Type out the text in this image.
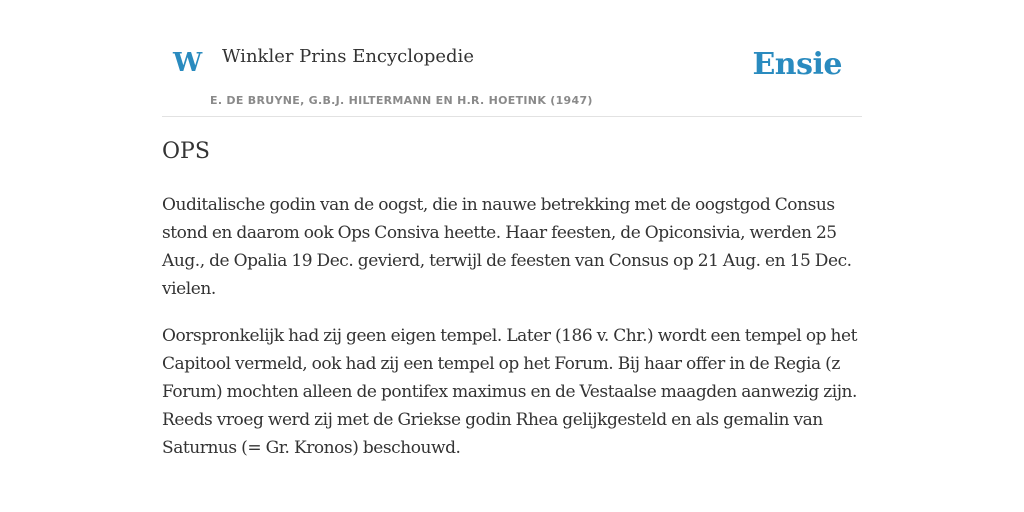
W Winkler Prins Encyclopedie
E. DE BRUYNE, G.B.J. HILTERMANN EN H.R. HOETINK (1947)
Ensie
OPS

Ouditalische godin van de oogst, die in nauwe betrekking met de oogstgod Consus stond en daarom ook Ops Consiva heette. Haar feesten, de Opiconsivia, werden 25 Aug., de Opalia 19 Dec. gevierd, terwijl de feesten van Consus op 21 Aug. en 15 Dec. vielen.

Oorspronkelijk had zij geen eigen tempel. Later (186 v. Chr.) wordt een tempel op het Capitool vermeld, ook had zij een tempel op het Forum. Bij haar offer in de Regia (z Forum) mochten alleen de pontifex maximus en de Vestaalse maagden aanwezig zijn. Reeds vroeg werd zij met de Griekse godin Rhea gelijkgesteld en als gemalin van Saturnus (= Gr. Kronos) beschouwd.
